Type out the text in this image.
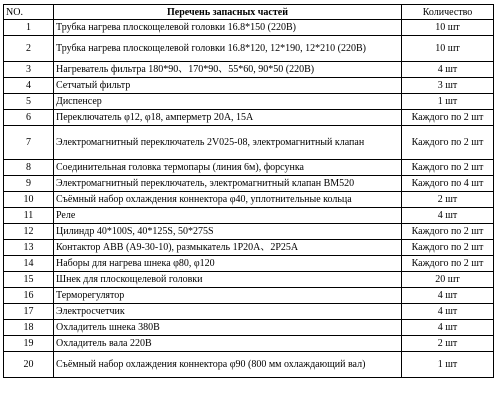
NO.	Перечень запасных частей	Количество
1	Трубка нагрева плоскощелевой головки 16.8*150 (220В)	10 шт
2	Трубка нагрева плоскощелевой головки 16.8*120, 12*190, 12*210 (220В)	10 шт
3	Нагреватель фильтра 180*90、170*90、55*60, 90*50 (220В)	4 шт
4	Сетчатый фильтр	3 шт
5	Диспенсер	1 шт
6	Переключатель φ12, φ18, амперметр 20A, 15A	Каждого по 2 шт
7	Электромагнитный переключатель 2V025-08, электромагнитный клапан	Каждого по 2 шт
8	Соединительная головка термопары (линия 6м), форсунка	Каждого по 2 шт
9	Электромагнитный переключатель, электромагнитный клапан BM520	Каждого по 4 шт
10	Съёмный набор охлаждения коннектора φ40, уплотнительные кольца	2 шт
11	Реле	4 шт
12	Цилиндр 40*100S, 40*125S, 50*275S	Каждого по 2 шт
13	Контактор ABB (A9-30-10), размыкатель 1P20A、2P25A	Каждого по 2 шт
14	Наборы для нагрева шнека φ80, φ120	Каждого по 2 шт
15	Шнек для плоскощелевой головки	20 шт
16	Терморегулятор	4 шт
17	Электросчетчик	4 шт
18	Охладитель шнека 380В	4 шт
19	Охладитель вала 220В	2 шт
20	Съёмный набор охлаждения коннектора φ90 (800 мм охлаждающий вал)	1 шт
